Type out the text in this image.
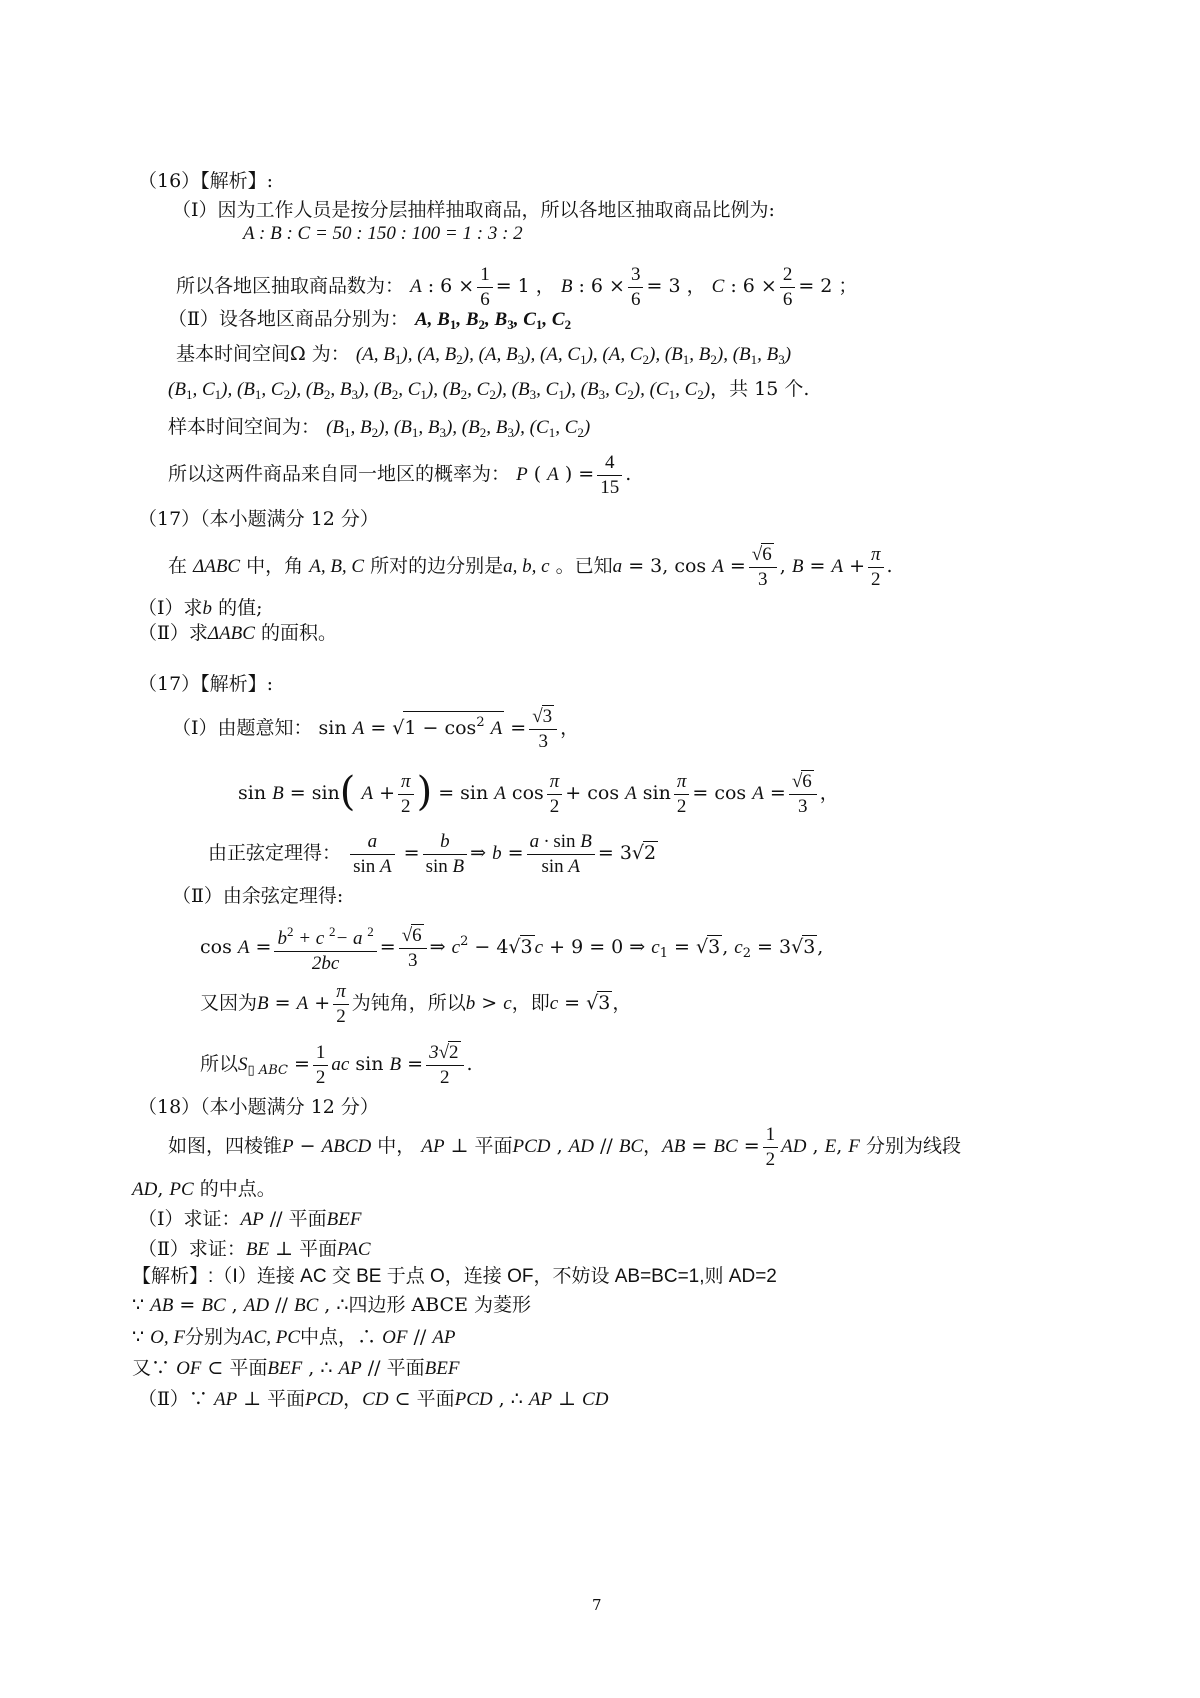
（16）【解析】:
（Ⅰ）因为工作人员是按分层抽样抽取商品，所以各地区抽取商品比例为:
A : B : C = 50 : 150 : 100 = 1 : 3 : 2
所以各地区抽取商品数为： A : $6 \times \frac{1}{6} = 1$ ， B : $6 \times \frac{3}{6} = 3$ ， C : $6 \times \frac{2}{6} = 2$ ；
（Ⅱ）设各地区商品分别为： A, $B_1$, $B_2$, $B_3$, $C_1$, $C_2$
基本时间空间Ω 为： (A, $B_1$), (A, $B_2$), (A, $B_3$), (A, $C_1$), (A, $C_2$), ($B_1$, $B_2$), ($B_1$, $B_3$)
($B_1$, $C_1$), ($B_1$, $C_2$), ($B_2$, $B_3$), ($B_2$, $C_1$), ($B_2$, $C_2$), ($B_3$, $C_1$), ($B_3$, $C_2$), ($C_1$, $C_2$)，共 15 个.
样本时间空间为： ($B_1$, $B_2$), ($B_1$, $B_3$), ($B_2$, $B_3$), ($C_1$, $C_2$)
所以这两件商品来自同一地区的概率为： P ( A ) = $\frac{4}{15}$ .
（17）（本小题满分 12 分）
在 ΔABC 中，角 A, B, C 所对的边分别是a, b, c 。已知a = 3, $\cos A = \frac{√6}{3}$ , $B = A + \frac{\pi}{2}$ .
（Ⅰ）求b 的值;
（Ⅱ）求ΔABC 的面积。
（17）【解析】:
（Ⅰ）由题意知： $\sin A = √1 - \cos^2 A = \frac{√3}{3}$ ，
sin B = sin( $A + \frac{\pi}{2}$ ) = sin A $\cos \frac{\pi}{2} + \cos A$ $\sin \frac{\pi}{2} = \cos A = \frac{√6}{3}$ ，
由正弦定理得： $\frac{a}{\text{sin A}} = \frac{b}{\text{sin B}}$ ⇒ $b = \frac{\text{a · sin B}}{\text{sin A}} = 3√2$
（Ⅱ）由余弦定理得:
$\cos A = \frac{b^2 + c ^2- a ^2}{2bc} = \frac{√6}{3}$ ⇒ $c^2 - 4√3$ c + 9 = 0 ⇒ $c_1 = √3$ , $c_2 = 3√3$ ,
又因为$B = A + \frac{\pi}{2}$ 为钝角，所以b > c，即c = √3 ，
所以$S_{▯ ABC} = \frac{1}{2}$ ac $\sin B = \frac{3√2}{2}$ .
（18）（本小题满分 12 分）
如图，四棱锥P − ABCD 中， AP ⊥ 平面PCD , AD // BC，AB = BC = $\frac{1}{2}$ AD , E, F 分别为线段
AD, PC 的中点。
（Ⅰ）求证：AP // 平面BEF
（Ⅱ）求证：BE ⊥ 平面PAC
【解析】:（Ⅰ）连接 AC 交 BE 于点 O，连接 OF，不妨设 AB=BC=1,则 AD=2
∵ AB = BC , AD // BC , ∴四边形 ABCE 为菱形
∵ O, F分别为AC, PC中点，∴ OF // AP
又∵ OF ⊂ 平面BEF , ∴ AP // 平面BEF
（Ⅱ）∵ AP ⊥ 平面PCD，CD ⊂ 平面PCD , ∴ AP ⊥ CD
7
